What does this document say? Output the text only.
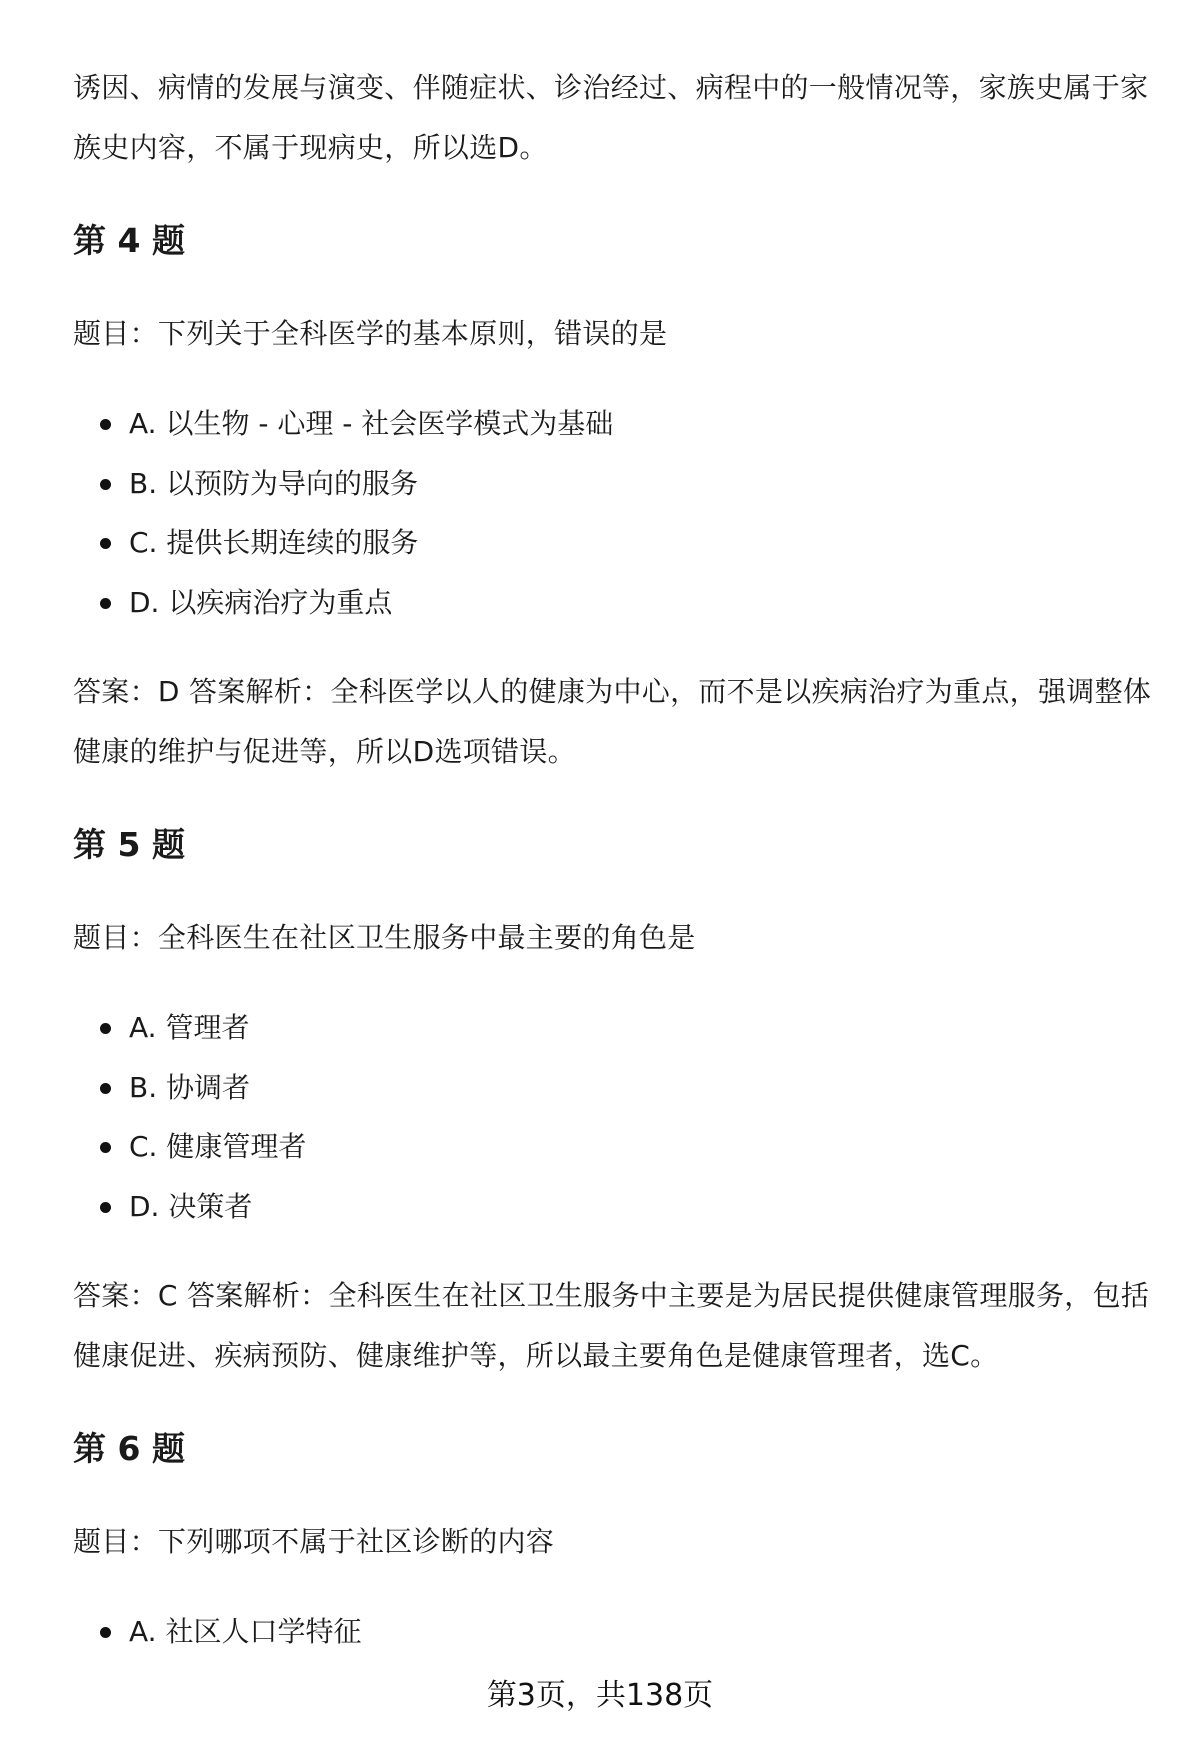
诱因、病情的发展与演变、伴随症状、诊治经过、病程中的一般情况等，家族史属于家族史内容，不属于现病史，所以选D。

第 4 题

题目：下列关于全科医学的基本原则，错误的是

A. 以生物 - 心理 - 社会医学模式为基础
B. 以预防为导向的服务
C. 提供长期连续的服务
D. 以疾病治疗为重点

答案：D 答案解析：全科医学以人的健康为中心，而不是以疾病治疗为重点，强调整体健康的维护与促进等，所以D选项错误。

第 5 题

题目：全科医生在社区卫生服务中最主要的角色是

A. 管理者
B. 协调者
C. 健康管理者
D. 决策者

答案：C 答案解析：全科医生在社区卫生服务中主要是为居民提供健康管理服务，包括健康促进、疾病预防、健康维护等，所以最主要角色是健康管理者，选C。

第 6 题

题目：下列哪项不属于社区诊断的内容

A. 社区人口学特征
第3页，共138页
